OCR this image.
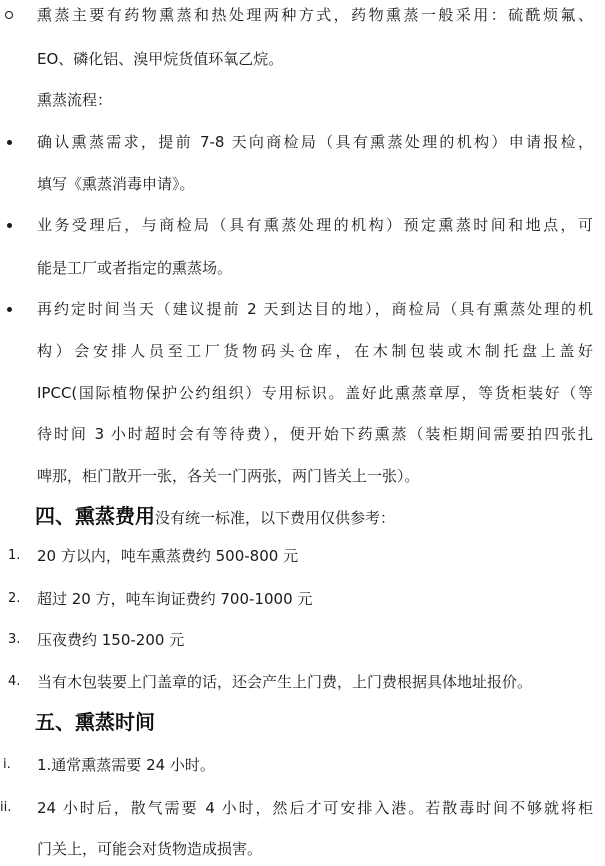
熏蒸主要有药物熏蒸和热处理两种方式，药物熏蒸一般采用：硫酰烦氟、
EO、磷化铝、溴甲烷货值环氧乙烷。
熏蒸流程：
确认熏蒸需求，提前 7-8 天向商检局（具有熏蒸处理的机构）申请报检，
填写《熏蒸消毒申请》。
业务受理后，与商检局（具有熏蒸处理的机构）预定熏蒸时间和地点，可
能是工厂或者指定的熏蒸场。
再约定时间当天（建议提前 2 天到达目的地），商检局（具有熏蒸处理的机
构）会安排人员至工厂货物码头仓库，在木制包装或木制托盘上盖好
IPCC(国际植物保护公约组织）专用标识。盖好此熏蒸章厚，等货柜装好（等
待时间 3 小时超时会有等待费），便开始下药熏蒸（装柜期间需要拍四张扎
啤那，柜门散开一张，各关一门两张，两门皆关上一张）。
四、熏蒸费用没有统一标准，以下费用仅供参考：
1. 20 方以内，吨车熏蒸费约 500-800 元
2. 超过 20 方，吨车询证费约 700-1000 元
3. 压夜费约 150-200 元
4. 当有木包装要上门盖章的话，还会产生上门费，上门费根据具体地址报价。
五、熏蒸时间
i. 1.通常熏蒸需要 24 小时。
ii. 24 小时后，散气需要 4 小时，然后才可安排入港。若散毒时间不够就将柜
门关上，可能会对货物造成损害。
